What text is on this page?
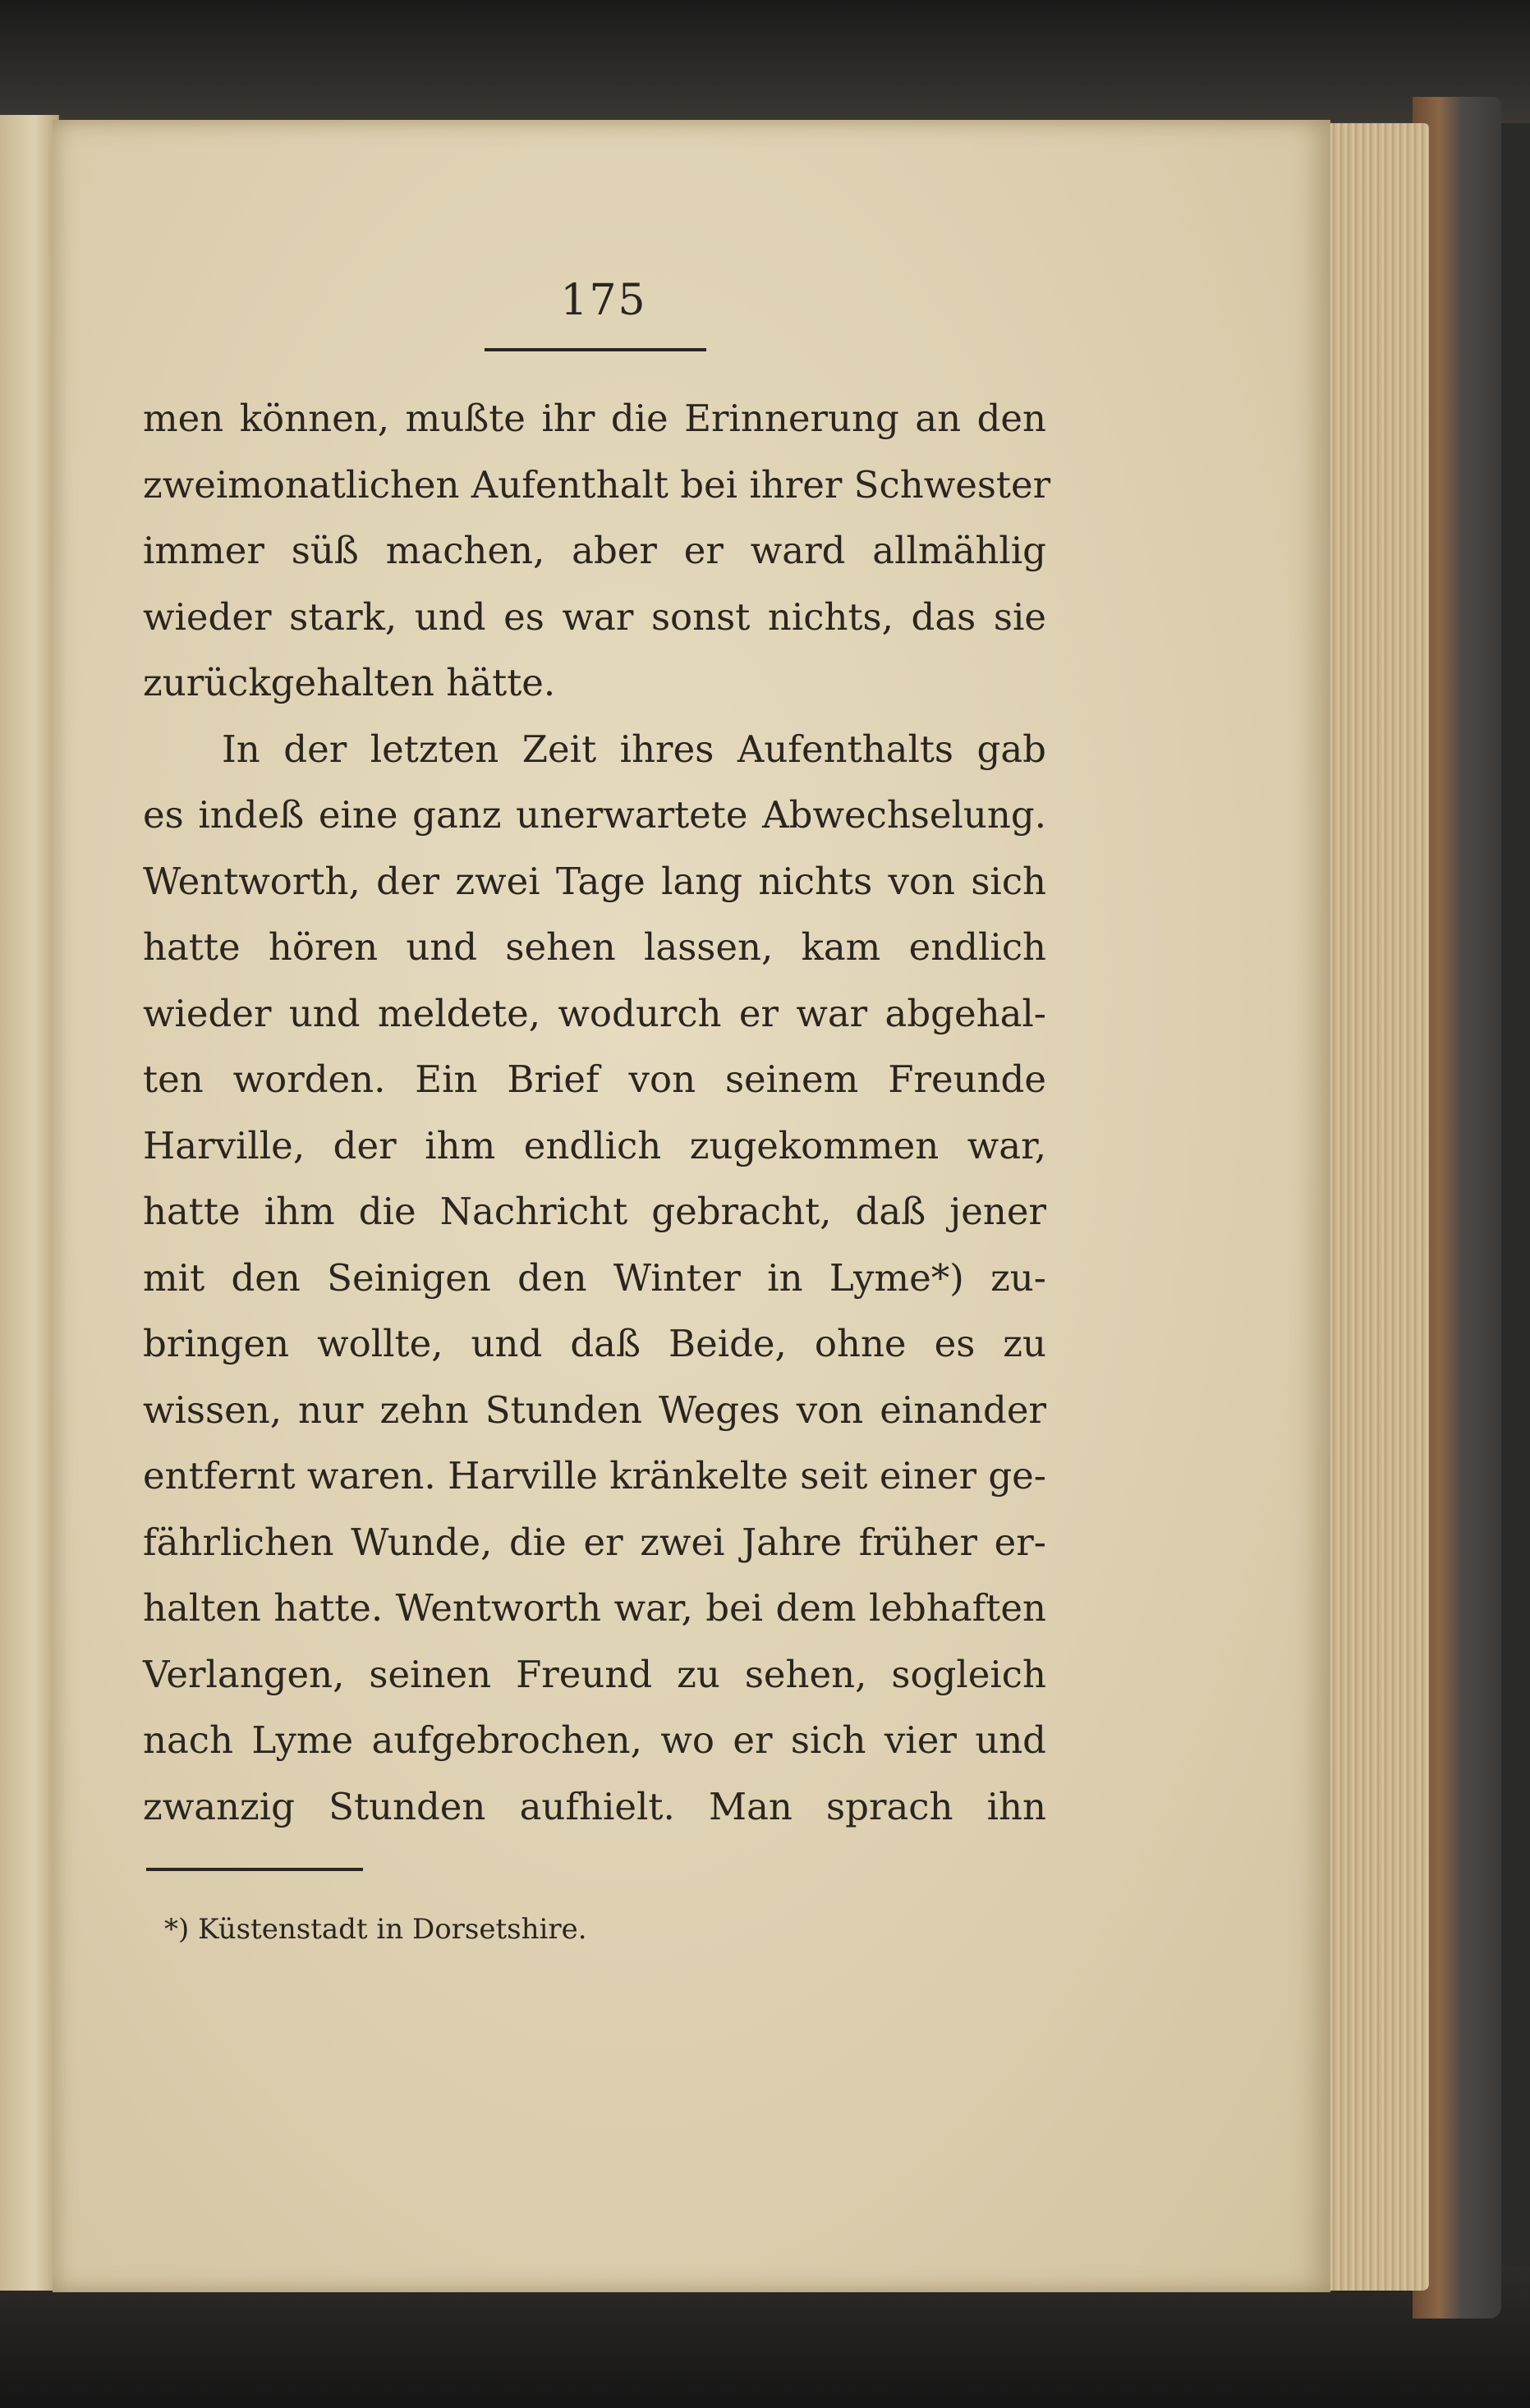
175
men können, mußte ihr die Erinnerung an den
zweimonatlichen Aufenthalt bei ihrer Schwester
immer süß machen, aber er ward allmählig
wieder stark, und es war sonst nichts, das sie
zurückgehalten hätte.
In der letzten Zeit ihres Aufenthalts gab
es indeß eine ganz unerwartete Abwechselung.
Wentworth, der zwei Tage lang nichts von sich
hatte hören und sehen lassen, kam endlich
wieder und meldete, wodurch er war abgehal-
ten worden. Ein Brief von seinem Freunde
Harville, der ihm endlich zugekommen war,
hatte ihm die Nachricht gebracht, daß jener
mit den Seinigen den Winter in Lyme*) zu-
bringen wollte, und daß Beide, ohne es zu
wissen, nur zehn Stunden Weges von einander
entfernt waren. Harville kränkelte seit einer ge-
fährlichen Wunde, die er zwei Jahre früher er-
halten hatte. Wentworth war, bei dem lebhaften
Verlangen, seinen Freund zu sehen, sogleich
nach Lyme aufgebrochen, wo er sich vier und
zwanzig Stunden aufhielt. Man sprach ihn
*) Küstenstadt in Dorsetshire.
